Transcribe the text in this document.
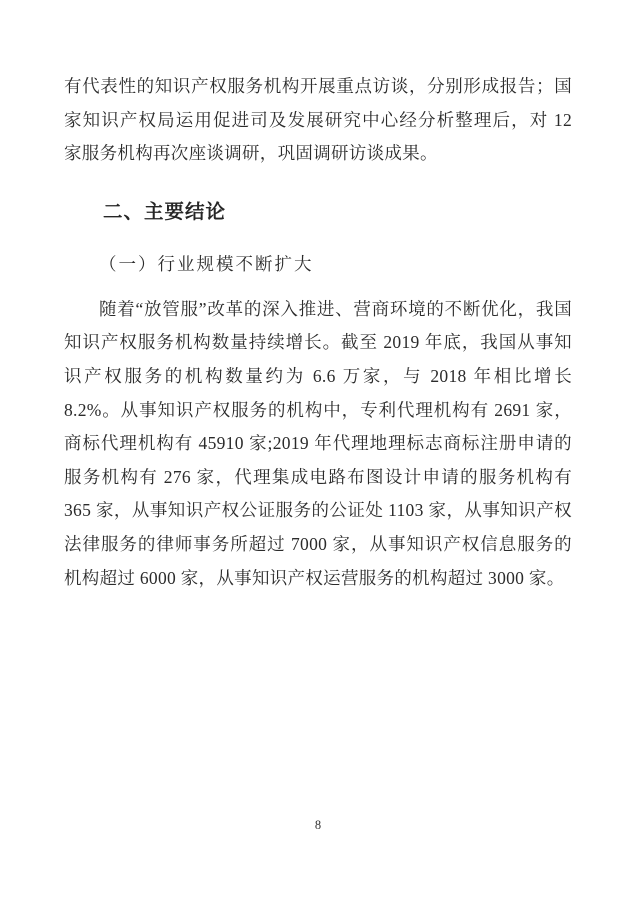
有代表性的知识产权服务机构开展重点访谈，分别形成报告；国家知识产权局运用促进司及发展研究中心经分析整理后，对 12 家服务机构再次座谈调研，巩固调研访谈成果。

二、主要结论
（一）行业规模不断扩大

随着“放管服”改革的深入推进、营商环境的不断优化，我国知识产权服务机构数量持续增长。截至 2019 年底，我国从事知识产权服务的机构数量约为 6.6 万家，与 2018 年相比增长 8.2%。从事知识产权服务的机构中，专利代理机构有 2691 家，商标代理机构有 45910 家;2019 年代理地理标志商标注册申请的服务机构有 276 家，代理集成电路布图设计申请的服务机构有 365 家，从事知识产权公证服务的公证处 1103 家，从事知识产权法律服务的律师事务所超过 7000 家，从事知识产权信息服务的机构超过 6000 家，从事知识产权运营服务的机构超过 3000 家。

8
